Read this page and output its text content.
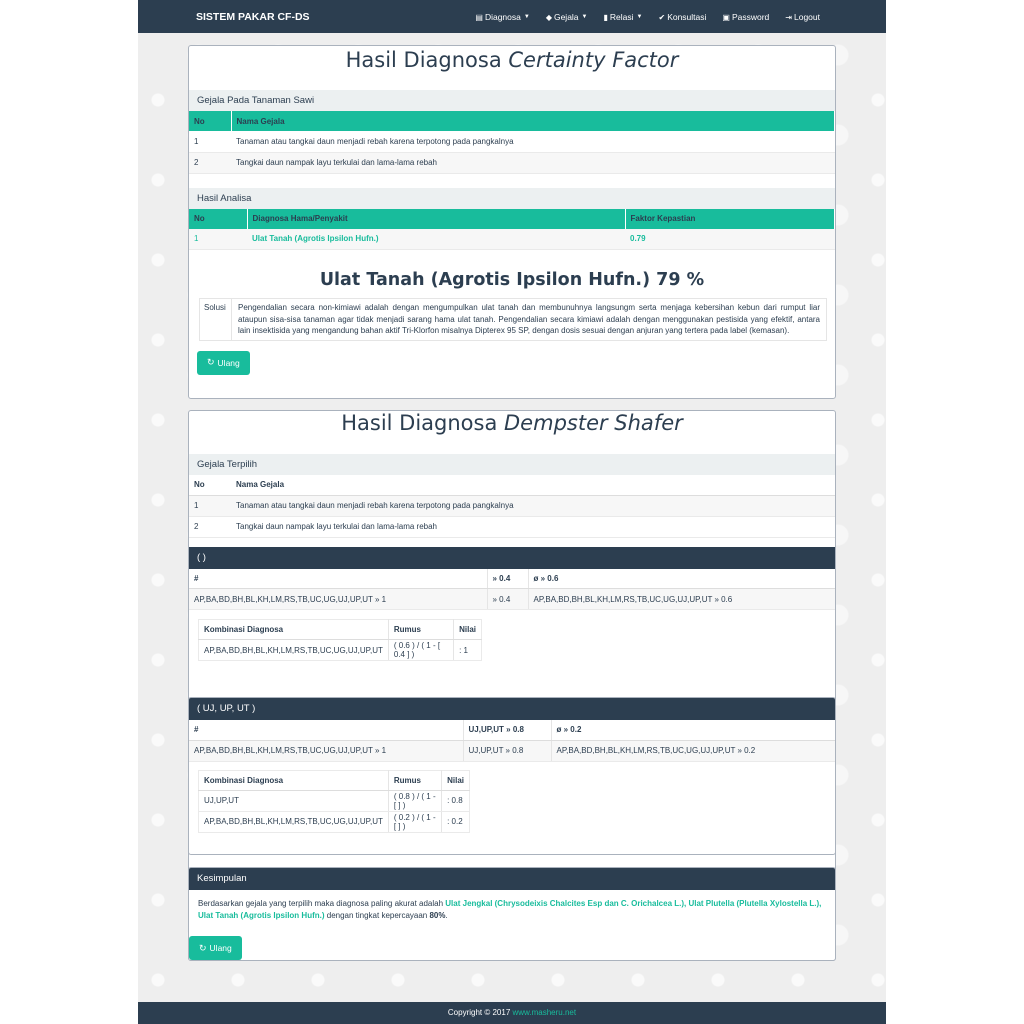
SISTEM PAKAR CF-DS	▤ Diagnosa ▼ ◆ Gejala ▼ ▮ Relasi ▼ ✔ Konsultasi ▣ Password ⇥ Logout
Hasil Diagnosa Certainty Factor
Gejala Pada Tanaman Sawi
No	Nama Gejala
1	Tanaman atau tangkai daun menjadi rebah karena terpotong pada pangkalnya
2	Tangkai daun nampak layu terkulai dan lama-lama rebah
Hasil Analisa
No	Diagnosa Hama/Penyakit	Faktor Kepastian
1	Ulat Tanah (Agrotis Ipsilon Hufn.)	0.79
Ulat Tanah (Agrotis Ipsilon Hufn.) 79 %
Solusi	Pengendalian secara non-kimiawi adalah dengan mengumpulkan ulat tanah dan membunuhnya langsungm serta menjaga kebersihan kebun dari rumput liar ataupun sisa-sisa tanaman agar tidak menjadi sarang hama ulat tanah. Pengendalian secara kimiawi adalah dengan menggunakan pestisida yang efektif, antara lain insektisida yang mengandung bahan aktif Tri-Klorfon misalnya Dipterex 95 SP, dengan dosis sesuai dengan anjuran yang tertera pada label (kemasan).
↻ Ulang
Hasil Diagnosa Dempster Shafer
Gejala Terpilih
No	Nama Gejala
1	Tanaman atau tangkai daun menjadi rebah karena terpotong pada pangkalnya
2	Tangkai daun nampak layu terkulai dan lama-lama rebah
( )
#	» 0.4	ø » 0.6
AP,BA,BD,BH,BL,KH,LM,RS,TB,UC,UG,UJ,UP,UT » 1	» 0.4	AP,BA,BD,BH,BL,KH,LM,RS,TB,UC,UG,UJ,UP,UT » 0.6
Kombinasi Diagnosa	Rumus	Nilai
AP,BA,BD,BH,BL,KH,LM,RS,TB,UC,UG,UJ,UP,UT	( 0.6 ) / ( 1 - [ 0.4 ] )	: 1
( UJ, UP, UT )
#	UJ,UP,UT » 0.8	ø » 0.2
AP,BA,BD,BH,BL,KH,LM,RS,TB,UC,UG,UJ,UP,UT » 1	UJ,UP,UT » 0.8	AP,BA,BD,BH,BL,KH,LM,RS,TB,UC,UG,UJ,UP,UT » 0.2
Kombinasi Diagnosa	Rumus	Nilai
UJ,UP,UT	( 0.8 ) / ( 1 - [ ] )	: 0.8
AP,BA,BD,BH,BL,KH,LM,RS,TB,UC,UG,UJ,UP,UT	( 0.2 ) / ( 1 - [ ] )	: 0.2
Kesimpulan
Berdasarkan gejala yang terpilih maka diagnosa paling akurat adalah Ulat Jengkal (Chrysodeixis Chalcites Esp dan C. Orichalcea L.), Ulat Plutella (Plutella Xylostella L.), Ulat Tanah (Agrotis Ipsilon Hufn.) dengan tingkat kepercayaan 80%.
↻ Ulang
Copyright © 2017 www.masheru.net
